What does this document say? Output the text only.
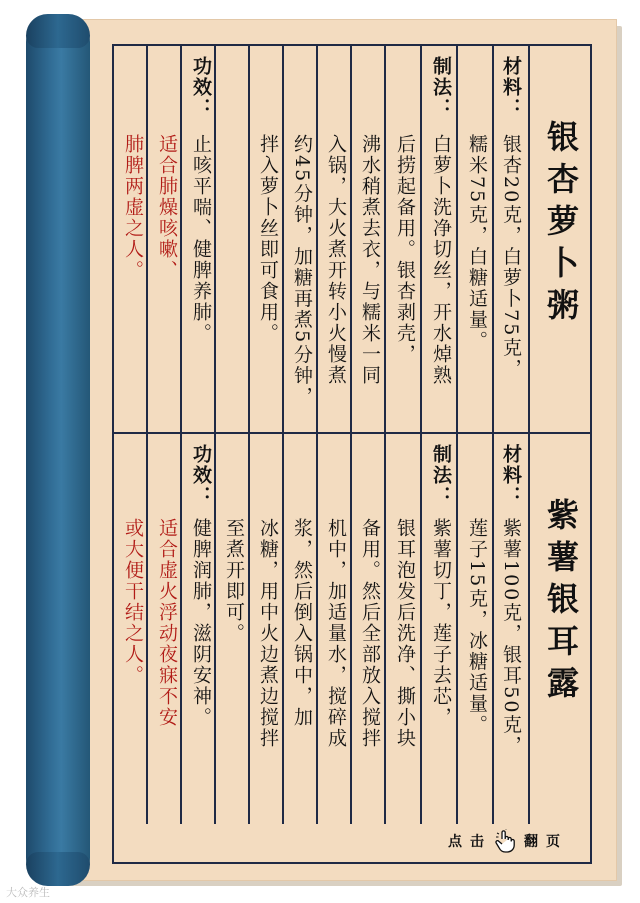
银杏萝卜粥
材料：
银杏20克，白萝卜75克，
糯米75克，白糖适量。
制法：
白萝卜洗净切丝，开水焯熟
后捞起备用。银杏剥壳，
沸水稍煮去衣，与糯米一同
入锅，大火煮开转小火慢煮
约45分钟，加糖再煮5分钟，
拌入萝卜丝即可食用。
功效：
止咳平喘、健脾养肺。
适合肺燥咳嗽、
肺脾两虚之人。
紫薯银耳露
材料：
紫薯100克，银耳50克，
莲子15克，冰糖适量。
制法：
紫薯切丁，莲子去芯，
银耳泡发后洗净、撕小块
备用。然后全部放入搅拌
机中，加适量水，搅碎成
浆，然后倒入锅中，加
冰糖，用中火边煮边搅拌
至煮开即可。
功效：
健脾润肺，滋阴安神。
适合虚火浮动夜寐不安
或大便干结之人。
点 击	翻 页
大众养生
